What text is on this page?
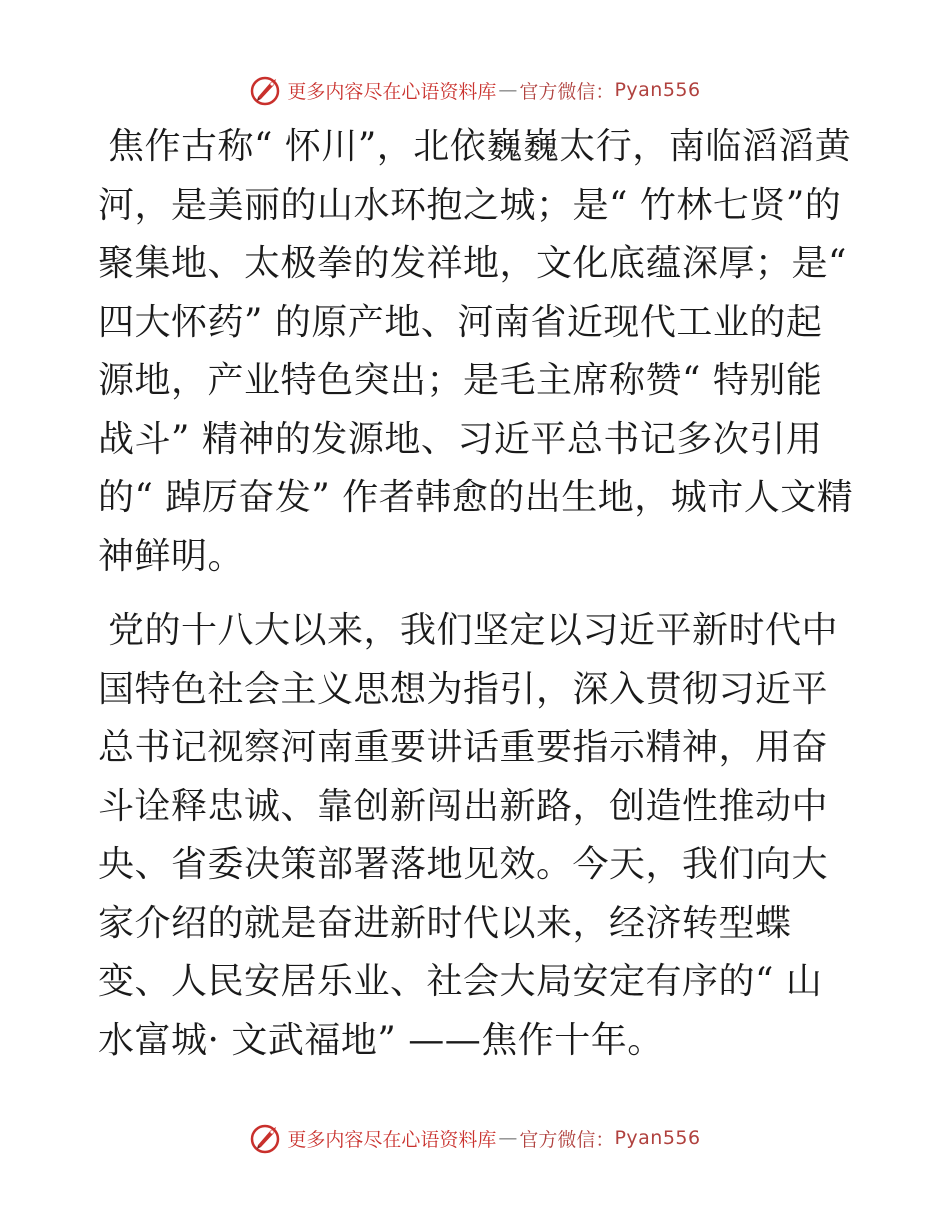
更多内容尽在心语资料库 — 官方微信： Pyan556

焦作古称“ 怀川”，北依巍巍太行，南临滔滔黄河，是美丽的山水环抱之城；是“ 竹林七贤”的聚集地、太极拳的发祥地，文化底蕴深厚；是“ 四大怀药” 的原产地、河南省近现代工业的起源地，产业特色突出；是毛主席称赞“ 特别能战斗” 精神的发源地、习近平总书记多次引用的“ 踔厉奋发” 作者韩愈的出生地，城市人文精神鲜明。

党的十八大以来，我们坚定以习近平新时代中国特色社会主义思想为指引，深入贯彻习近平总书记视察河南重要讲话重要指示精神，用奋斗诠释忠诚、靠创新闯出新路，创造性推动中央、省委决策部署落地见效。今天，我们向大家介绍的就是奋进新时代以来，经济转型蝶变、人民安居乐业、社会大局安定有序的“ 山水富城· 文武福地” ——焦作十年。

更多内容尽在心语资料库 — 官方微信： Pyan556
